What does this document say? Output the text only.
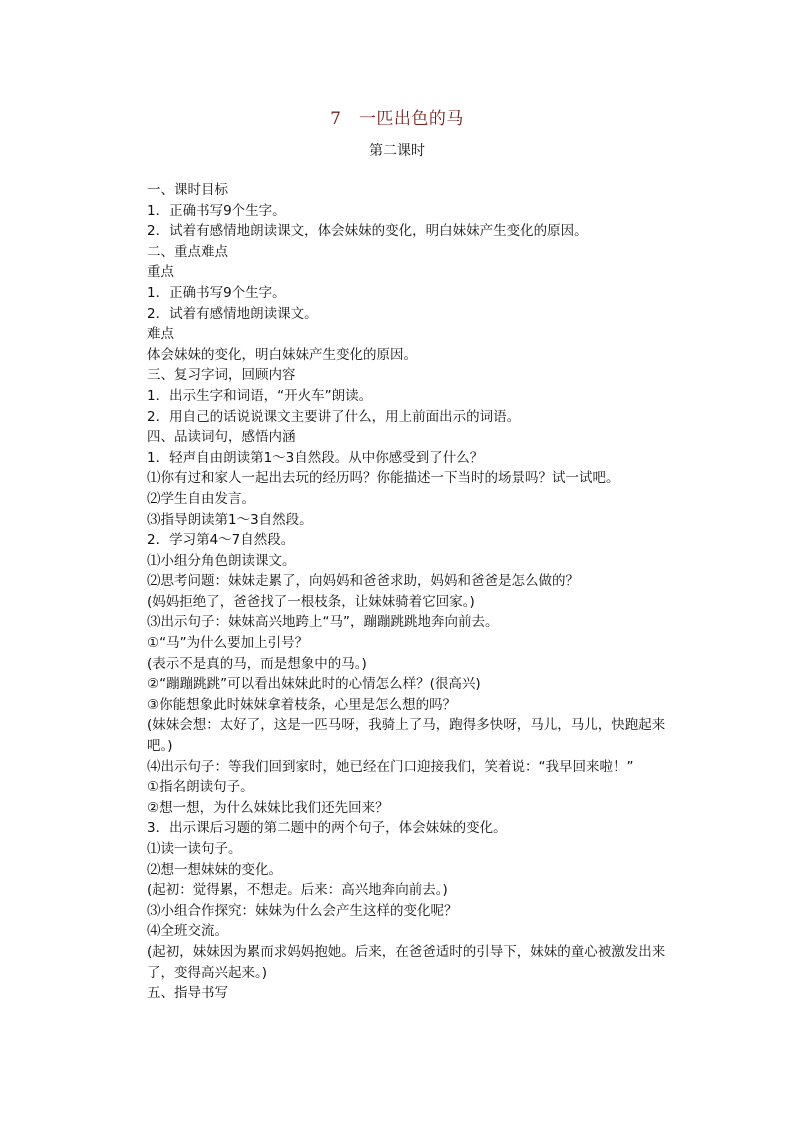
7　一匹出色的马
第二课时
一、课时目标
1．正确书写9个生字。
2．试着有感情地朗读课文，体会妹妹的变化，明白妹妹产生变化的原因。
二、重点难点
重点
1．正确书写9个生字。
2．试着有感情地朗读课文。
难点
体会妹妹的变化，明白妹妹产生变化的原因。
三、复习字词，回顾内容
1．出示生字和词语，“开火车”朗读。
2．用自己的话说说课文主要讲了什么，用上前面出示的词语。
四、品读词句，感悟内涵
1．轻声自由朗读第1～3自然段。从中你感受到了什么？
⑴你有过和家人一起出去玩的经历吗？你能描述一下当时的场景吗？试一试吧。
⑵学生自由发言。
⑶指导朗读第1～3自然段。
2．学习第4～7自然段。
⑴小组分角色朗读课文。
⑵思考问题：妹妹走累了，向妈妈和爸爸求助，妈妈和爸爸是怎么做的？
(妈妈拒绝了，爸爸找了一根枝条，让妹妹骑着它回家。)
⑶出示句子：妹妹高兴地跨上“马”，蹦蹦跳跳地奔向前去。
①“马”为什么要加上引号？
(表示不是真的马，而是想象中的马。)
②“蹦蹦跳跳”可以看出妹妹此时的心情怎么样？(很高兴)
③你能想象此时妹妹拿着枝条，心里是怎么想的吗？
(妹妹会想：太好了，这是一匹马呀，我骑上了马，跑得多快呀，马儿，马儿，快跑起来吧。)
⑷出示句子：等我们回到家时，她已经在门口迎接我们，笑着说：“我早回来啦！”
①指名朗读句子。
②想一想，为什么妹妹比我们还先回来？
3．出示课后习题的第二题中的两个句子，体会妹妹的变化。
⑴读一读句子。
⑵想一想妹妹的变化。
(起初：觉得累，不想走。后来：高兴地奔向前去。)
⑶小组合作探究：妹妹为什么会产生这样的变化呢？
⑷全班交流。
(起初，妹妹因为累而求妈妈抱她。后来，在爸爸适时的引导下，妹妹的童心被激发出来了，变得高兴起来。)
五、指导书写
